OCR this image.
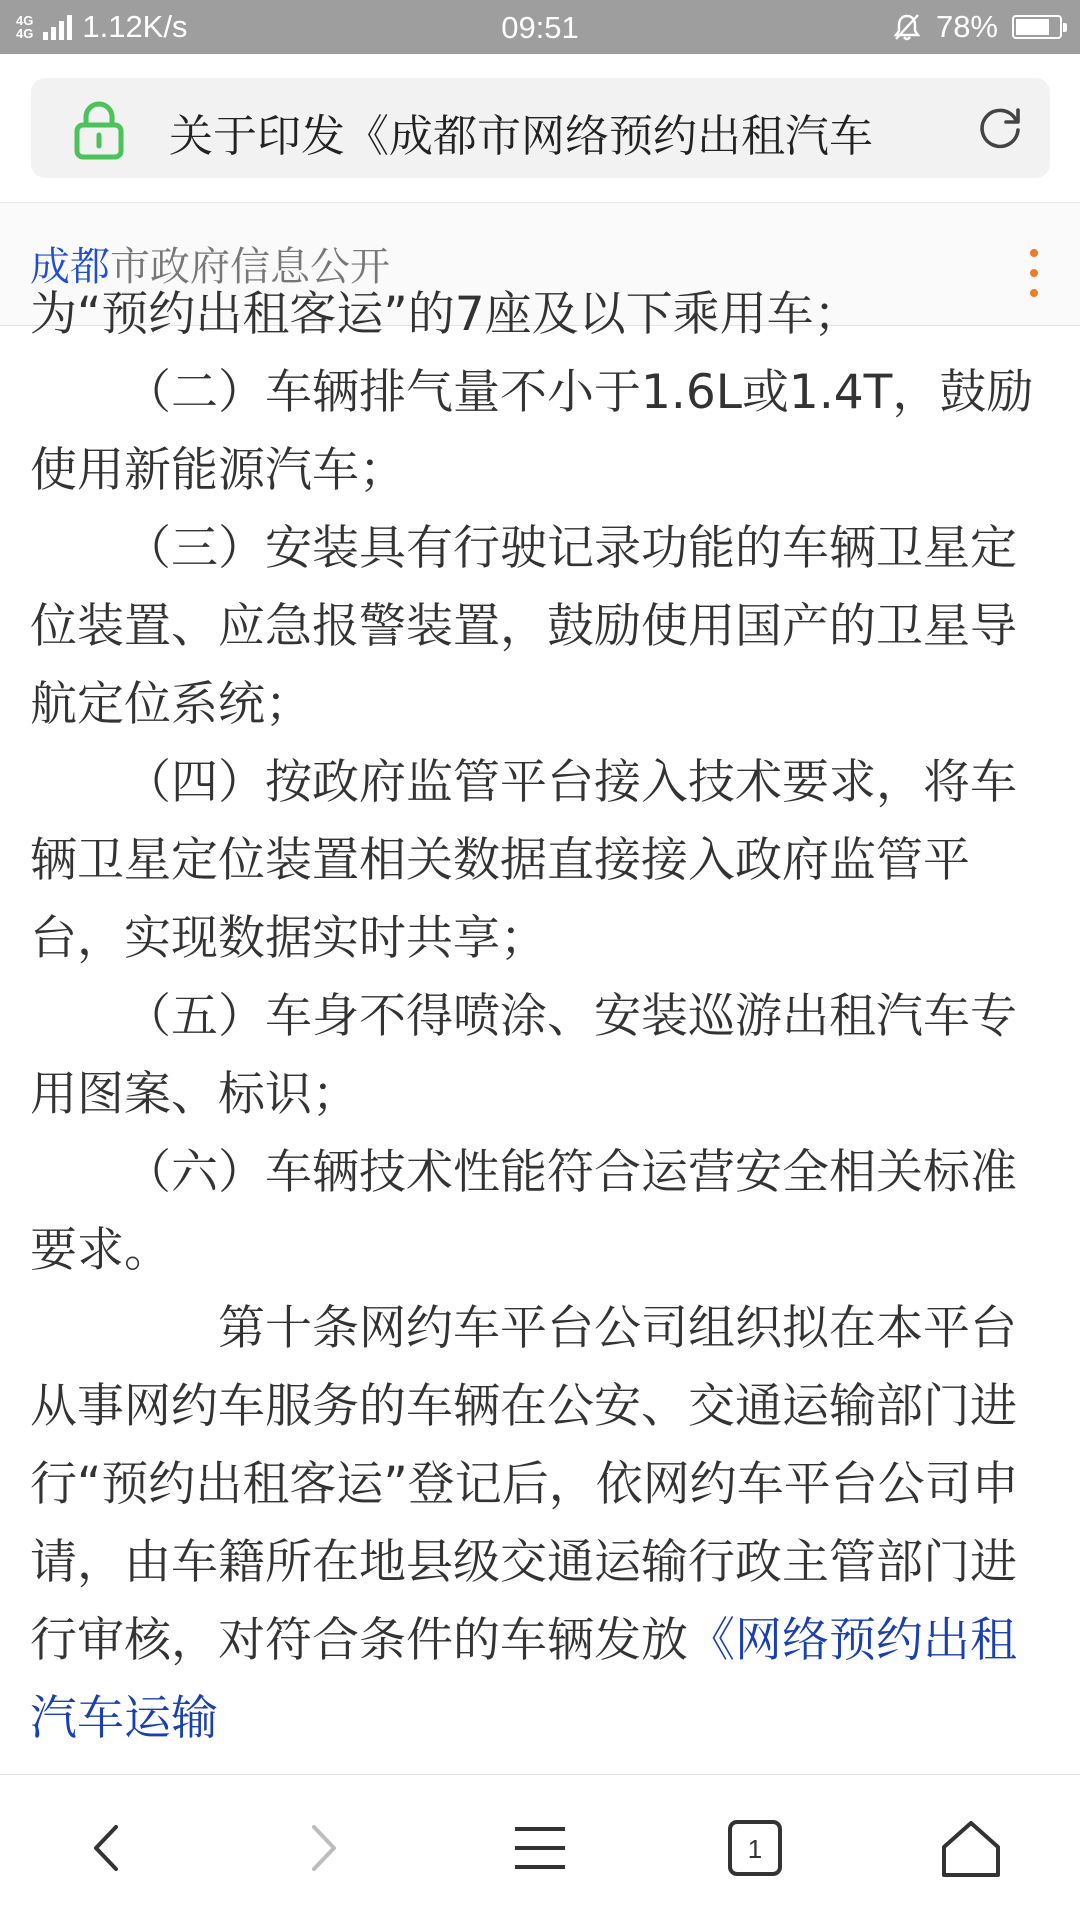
4G
4G 1.12K/s	09:51	78%
关于印发《成都市网络预约出租汽车
成都市政府信息公开

为“预约出租客运”的7座及以下乘用车；

（二）车辆排气量不小于1.6L或1.4T，鼓励使用新能源汽车；

（三）安装具有行驶记录功能的车辆卫星定位装置、应急报警装置，鼓励使用国产的卫星导航定位系统；

（四）按政府监管平台接入技术要求，将车辆卫星定位装置相关数据直接接入政府监管平台，实现数据实时共享；

（五）车身不得喷涂、安装巡游出租汽车专用图案、标识；

（六）车辆技术性能符合运营安全相关标准要求。

第十条网约车平台公司组织拟在本平台从事网约车服务的车辆在公安、交通运输部门进行“预约出租客运”登记后，依网约车平台公司申请，由车籍所在地县级交通运输行政主管部门进行审核，对符合条件的车辆发放《网络预约出租汽车运输

1
